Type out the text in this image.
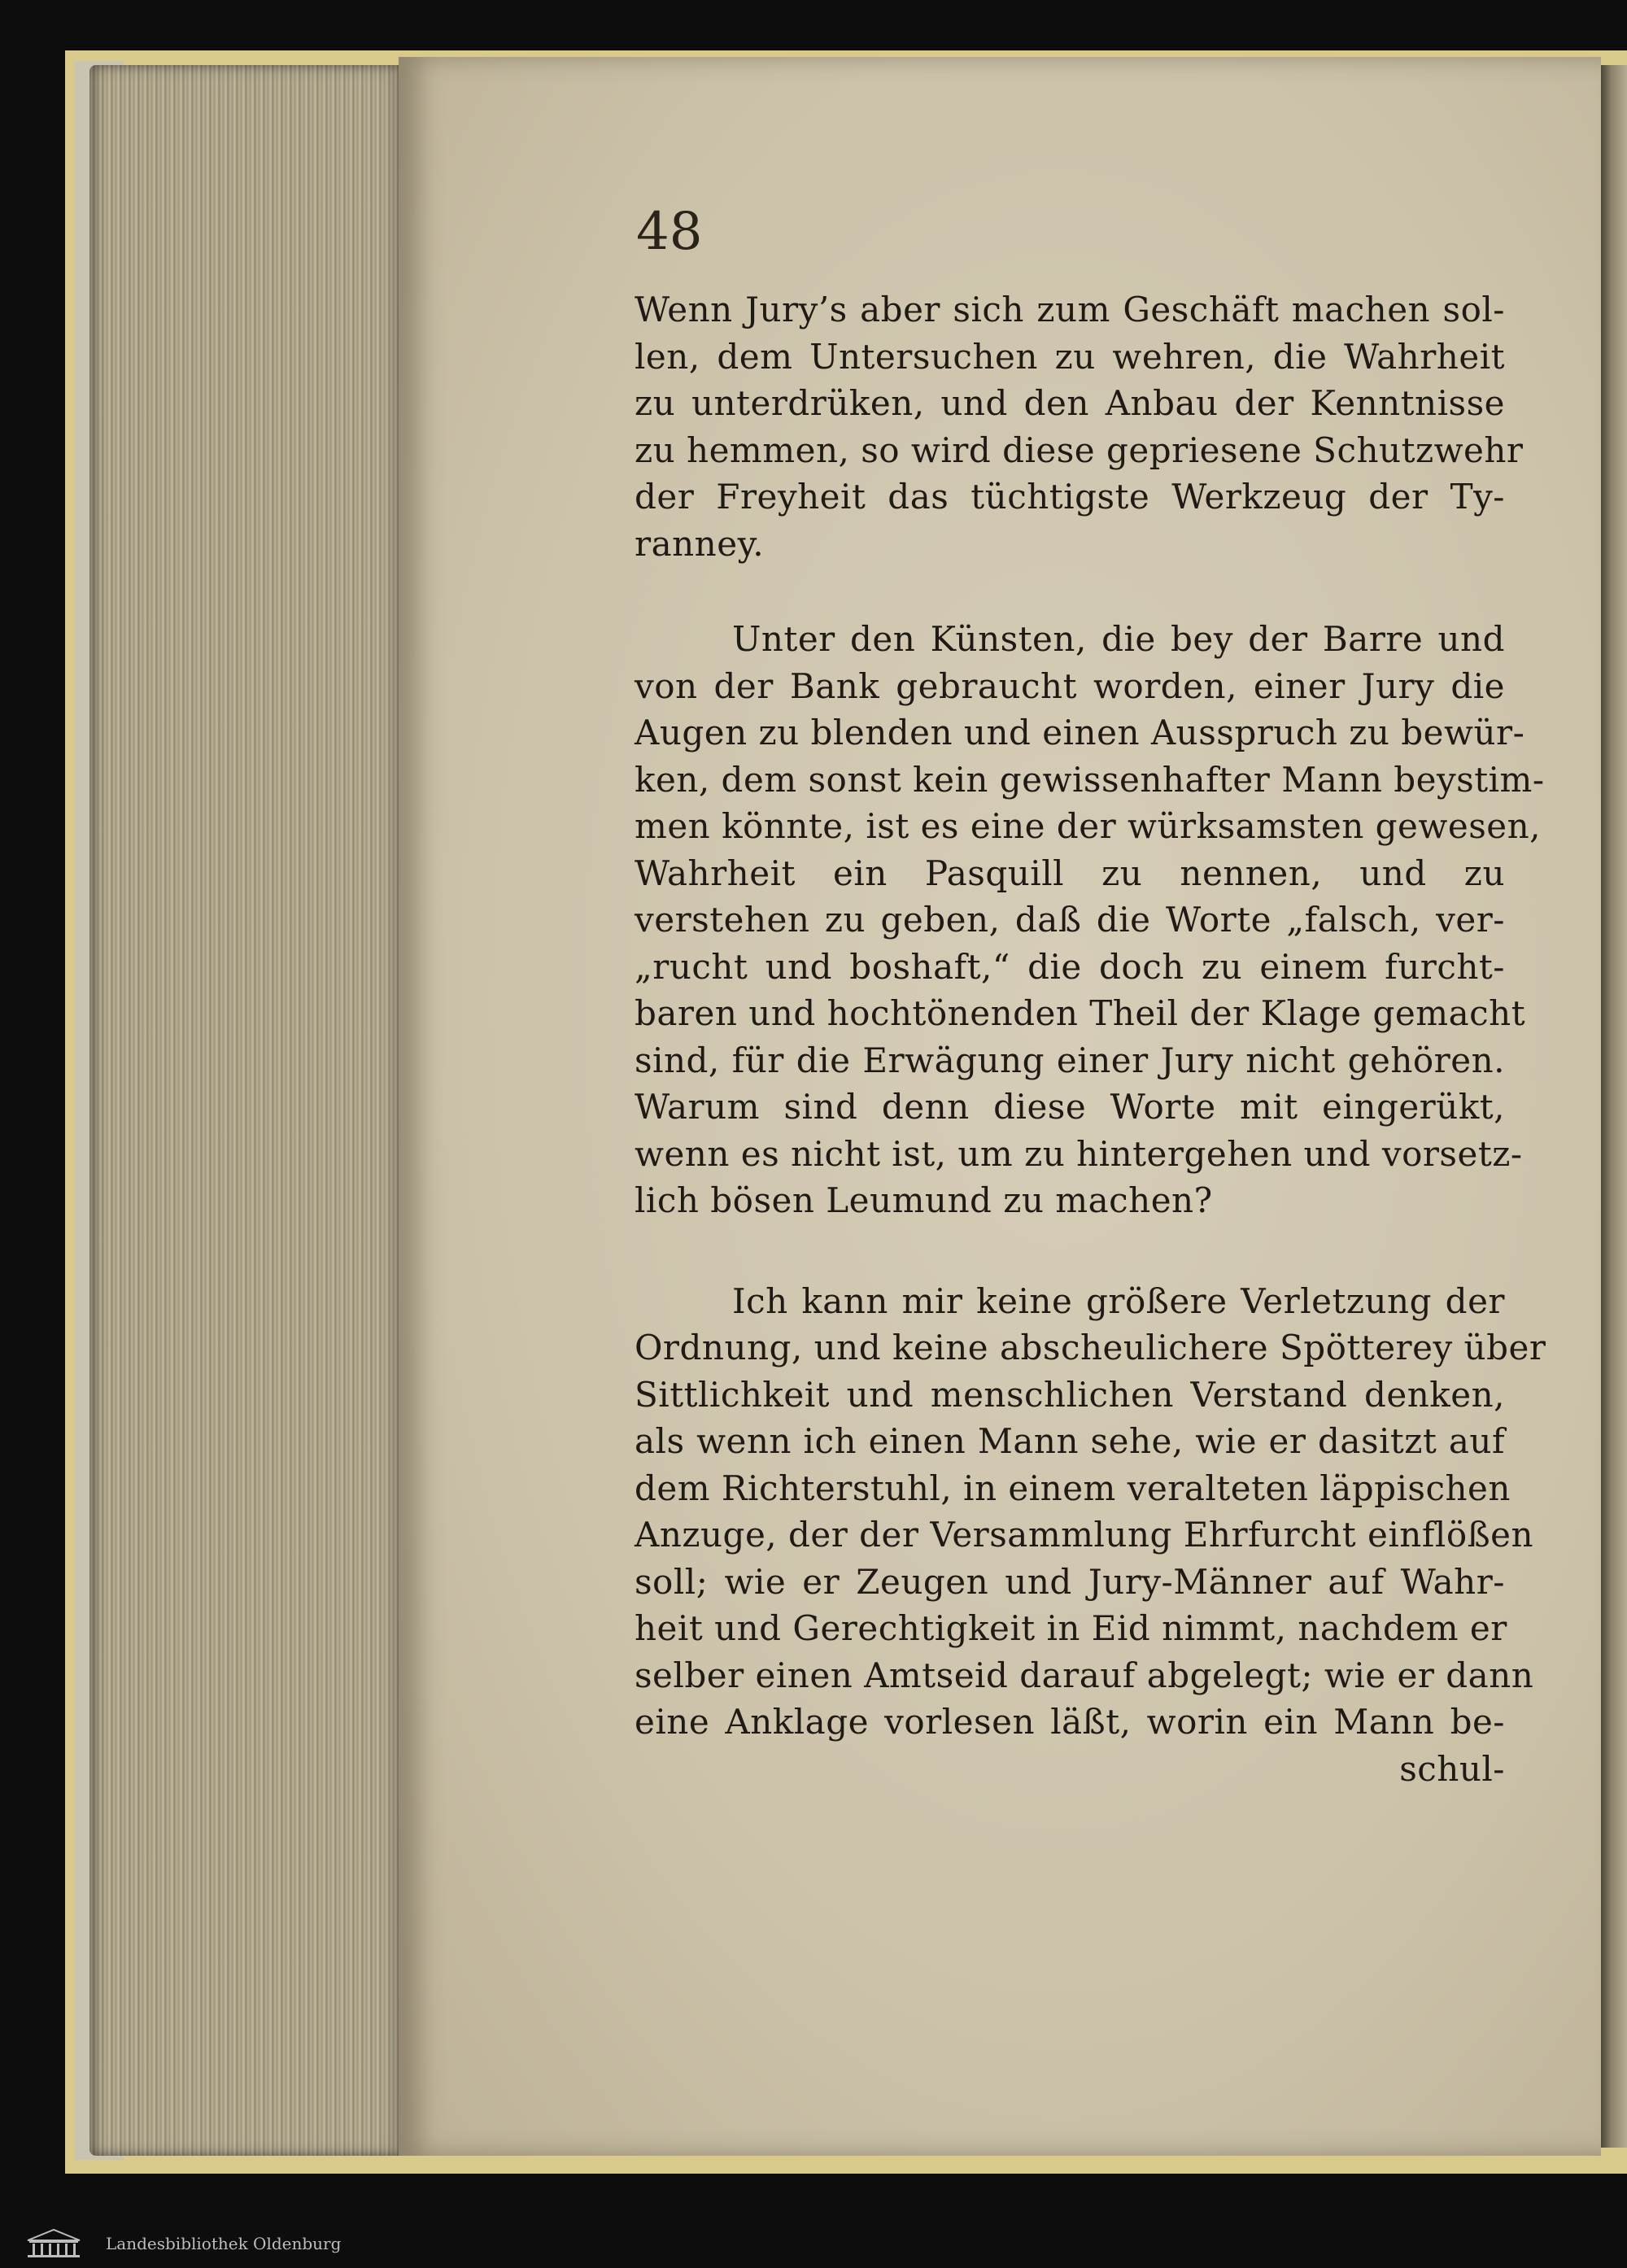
48
Wenn Jury’s aber sich zum Geschäft machen sol-
len, dem Untersuchen zu wehren, die Wahrheit
zu unterdrüken, und den Anbau der Kenntnisse
zu hemmen, so wird diese gepriesene Schutzwehr
der Freyheit das tüchtigste Werkzeug der Ty-
ranney.
Unter den Künsten, die bey der Barre und
von der Bank gebraucht worden, einer Jury die
Augen zu blenden und einen Ausspruch zu bewür-
ken, dem sonst kein gewissenhafter Mann beystim-
men könnte, ist es eine der würksamsten gewesen,
Wahrheit ein Pasquill zu nennen, und zu
verstehen zu geben, daß die Worte „falsch, ver-
„rucht und boshaft,“ die doch zu einem furcht-
baren und hochtönenden Theil der Klage gemacht
sind, für die Erwägung einer Jury nicht gehören.
Warum sind denn diese Worte mit eingerükt,
wenn es nicht ist, um zu hintergehen und vorsetz-
lich bösen Leumund zu machen?
Ich kann mir keine größere Verletzung der
Ordnung, und keine abscheulichere Spötterey über
Sittlichkeit und menschlichen Verstand denken,
als wenn ich einen Mann sehe, wie er dasitzt auf
dem Richterstuhl, in einem veralteten läppischen
Anzuge, der der Versammlung Ehrfurcht einflößen
soll; wie er Zeugen und Jury-Männer auf Wahr-
heit und Gerechtigkeit in Eid nimmt, nachdem er
selber einen Amtseid darauf abgelegt; wie er dann
eine Anklage vorlesen läßt, worin ein Mann be-
schul-
Landesbibliothek Oldenburg
